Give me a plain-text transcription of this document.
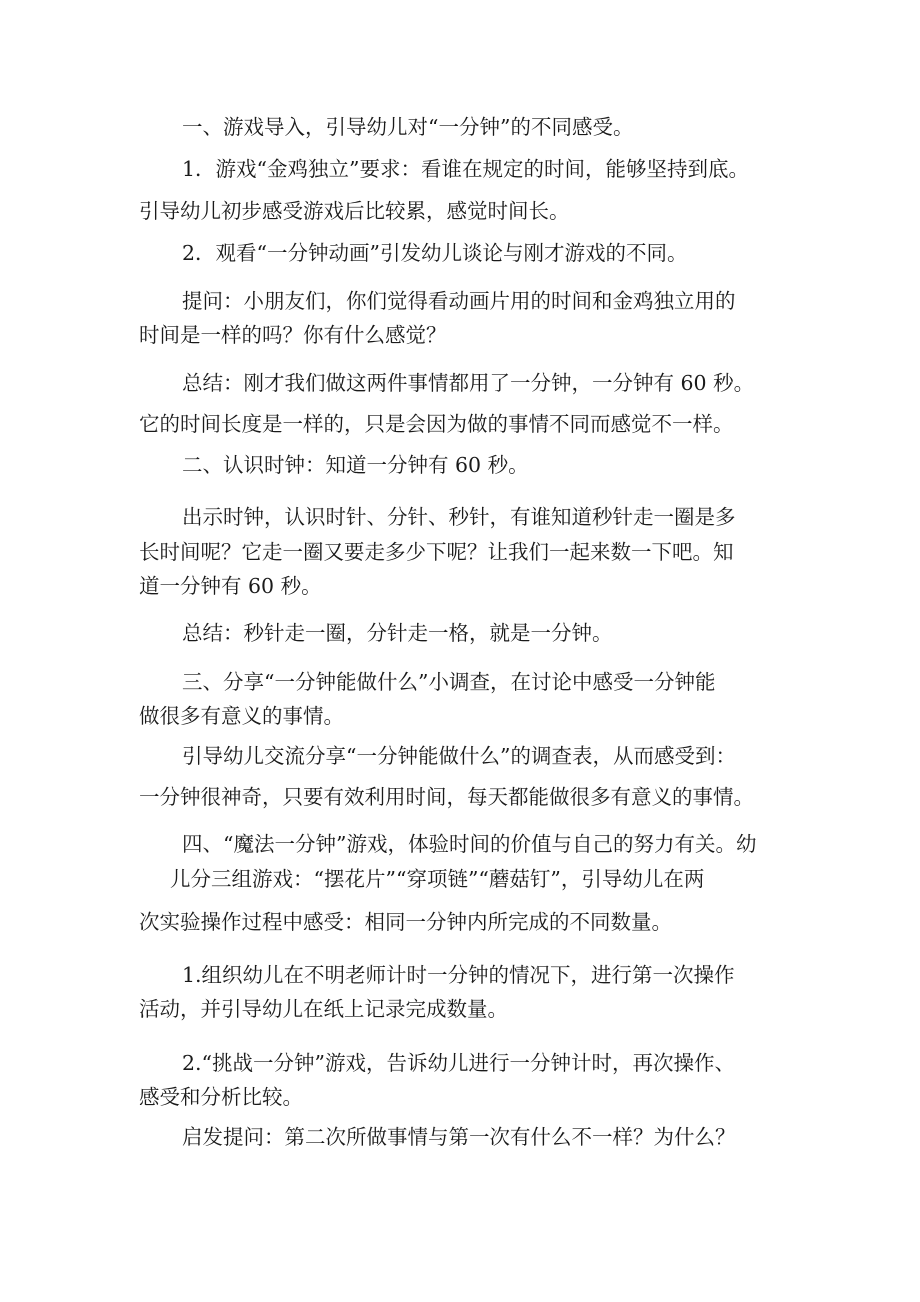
一、游戏导入，引导幼儿对“一分钟”的不同感受。

1．游戏“金鸡独立”要求：看谁在规定的时间，能够坚持到底。

引导幼儿初步感受游戏后比较累，感觉时间长。

2．观看“一分钟动画”引发幼儿谈论与刚才游戏的不同。

提问：小朋友们，你们觉得看动画片用的时间和金鸡独立用的

时间是一样的吗？你有什么感觉？

总结：刚才我们做这两件事情都用了一分钟，一分钟有 60 秒。

它的时间长度是一样的，只是会因为做的事情不同而感觉不一样。

二、认识时钟：知道一分钟有 60 秒。

出示时钟，认识时针、分针、秒针，有谁知道秒针走一圈是多

长时间呢？它走一圈又要走多少下呢？让我们一起来数一下吧。知

道一分钟有 60 秒。

总结：秒针走一圈，分针走一格，就是一分钟。

三、分享“一分钟能做什么”小调查，在讨论中感受一分钟能

做很多有意义的事情。

引导幼儿交流分享“一分钟能做什么”的调查表，从而感受到：

一分钟很神奇，只要有效利用时间，每天都能做很多有意义的事情。

四、“魔法一分钟”游戏，体验时间的价值与自己的努力有关。幼

儿分三组游戏：“摆花片”“穿项链”“蘑菇钉”，引导幼儿在两

次实验操作过程中感受：相同一分钟内所完成的不同数量。

1.组织幼儿在不明老师计时一分钟的情况下，进行第一次操作

活动，并引导幼儿在纸上记录完成数量。

2.“挑战一分钟”游戏，告诉幼儿进行一分钟计时，再次操作、

感受和分析比较。

启发提问：第二次所做事情与第一次有什么不一样？为什么？
